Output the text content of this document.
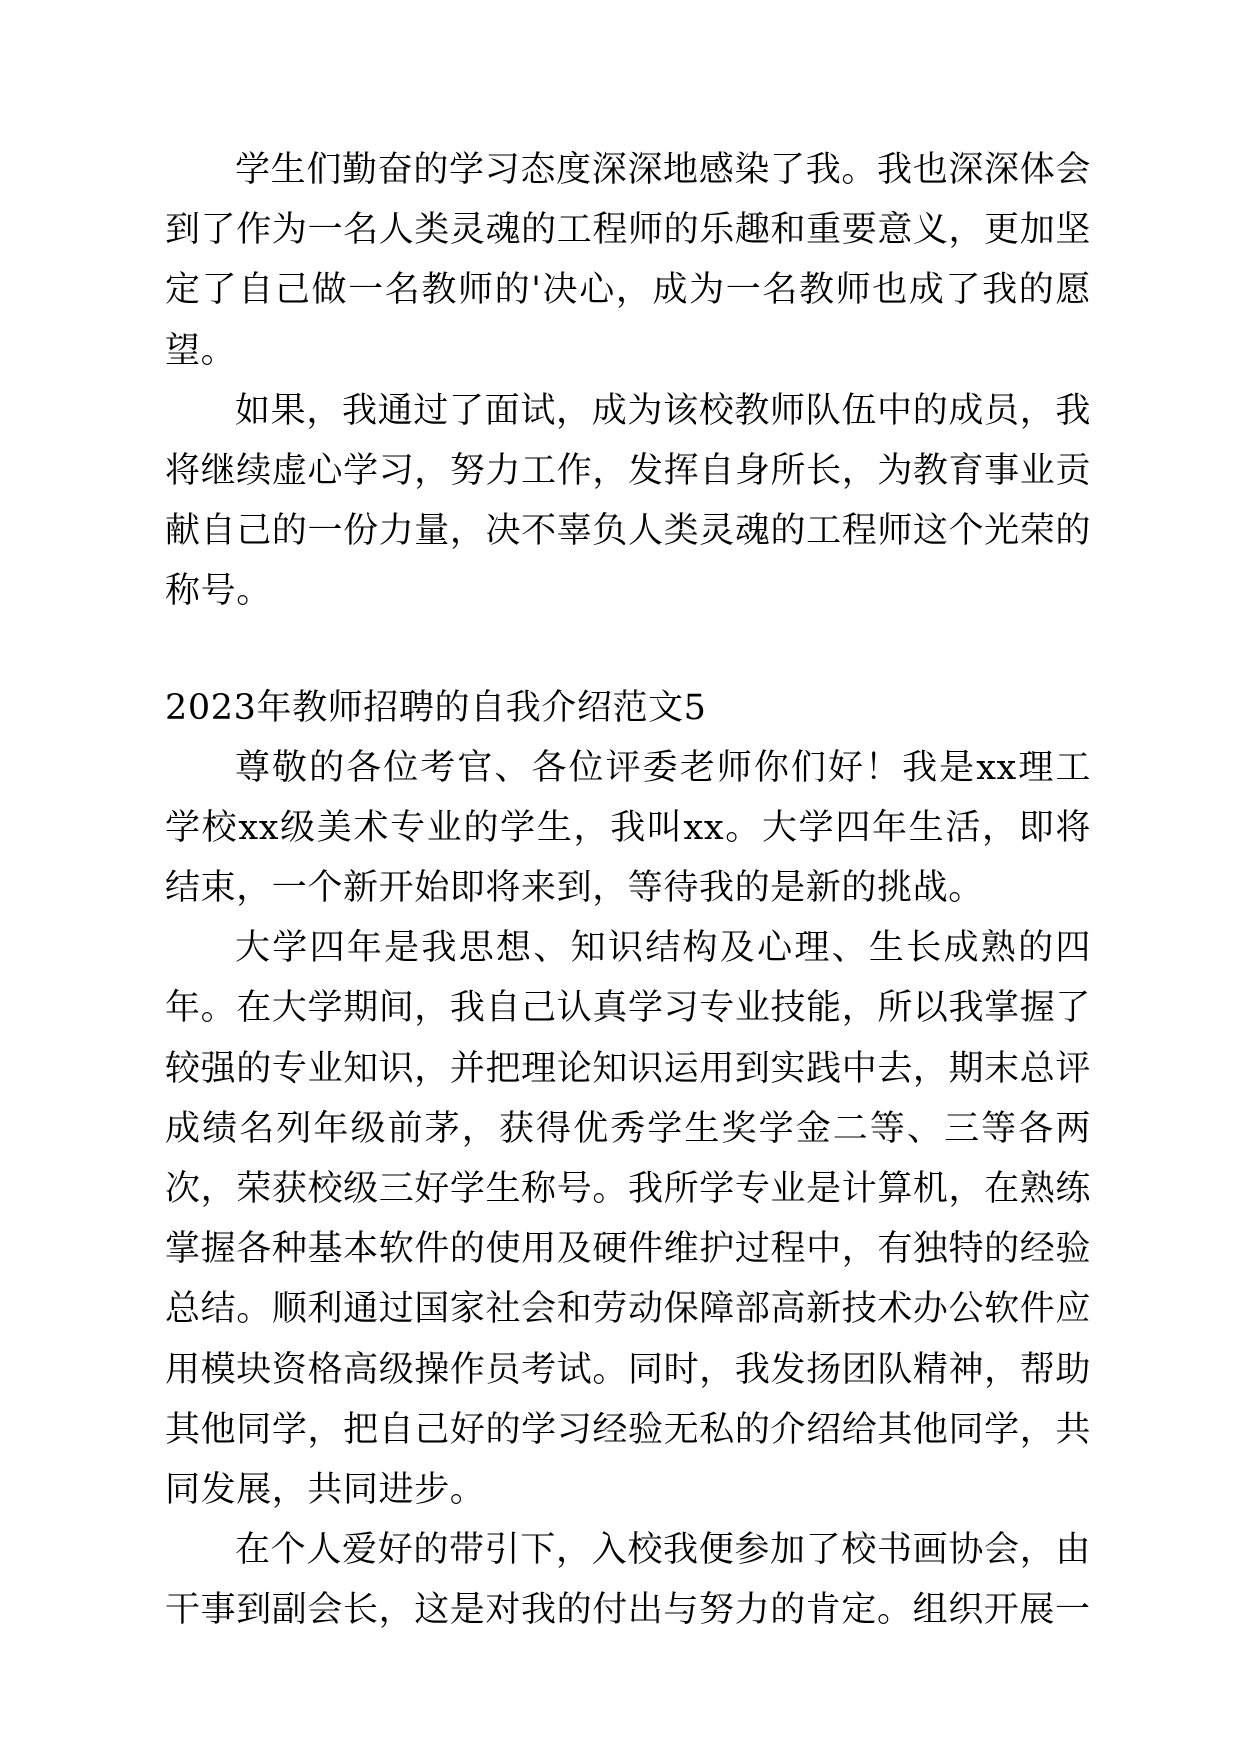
学生们勤奋的学习态度深深地感染了我。我也深深体会到了作为一名人类灵魂的工程师的乐趣和重要意义，更加坚定了自己做一名教师的'决心，成为一名教师也成了我的愿望。

如果，我通过了面试，成为该校教师队伍中的成员，我将继续虚心学习，努力工作，发挥自身所长，为教育事业贡献自己的一份力量，决不辜负人类灵魂的工程师这个光荣的称号。

2023年教师招聘的自我介绍范文5

尊敬的各位考官、各位评委老师你们好！我是xx理工学校xx级美术专业的学生，我叫xx。大学四年生活，即将结束，一个新开始即将来到，等待我的是新的挑战。

大学四年是我思想、知识结构及心理、生长成熟的四年。在大学期间，我自己认真学习专业技能，所以我掌握了较强的专业知识，并把理论知识运用到实践中去，期末总评成绩名列年级前茅，获得优秀学生奖学金二等、三等各两次，荣获校级三好学生称号。我所学专业是计算机，在熟练掌握各种基本软件的使用及硬件维护过程中，有独特的经验总结。顺利通过国家社会和劳动保障部高新技术办公软件应用模块资格高级操作员考试。同时，我发扬团队精神，帮助其他同学，把自己好的学习经验无私的介绍给其他同学，共同发展，共同进步。

在个人爱好的带引下，入校我便参加了校书画协会，由干事到副会长，这是对我的付出与努力的肯定。组织开展一
